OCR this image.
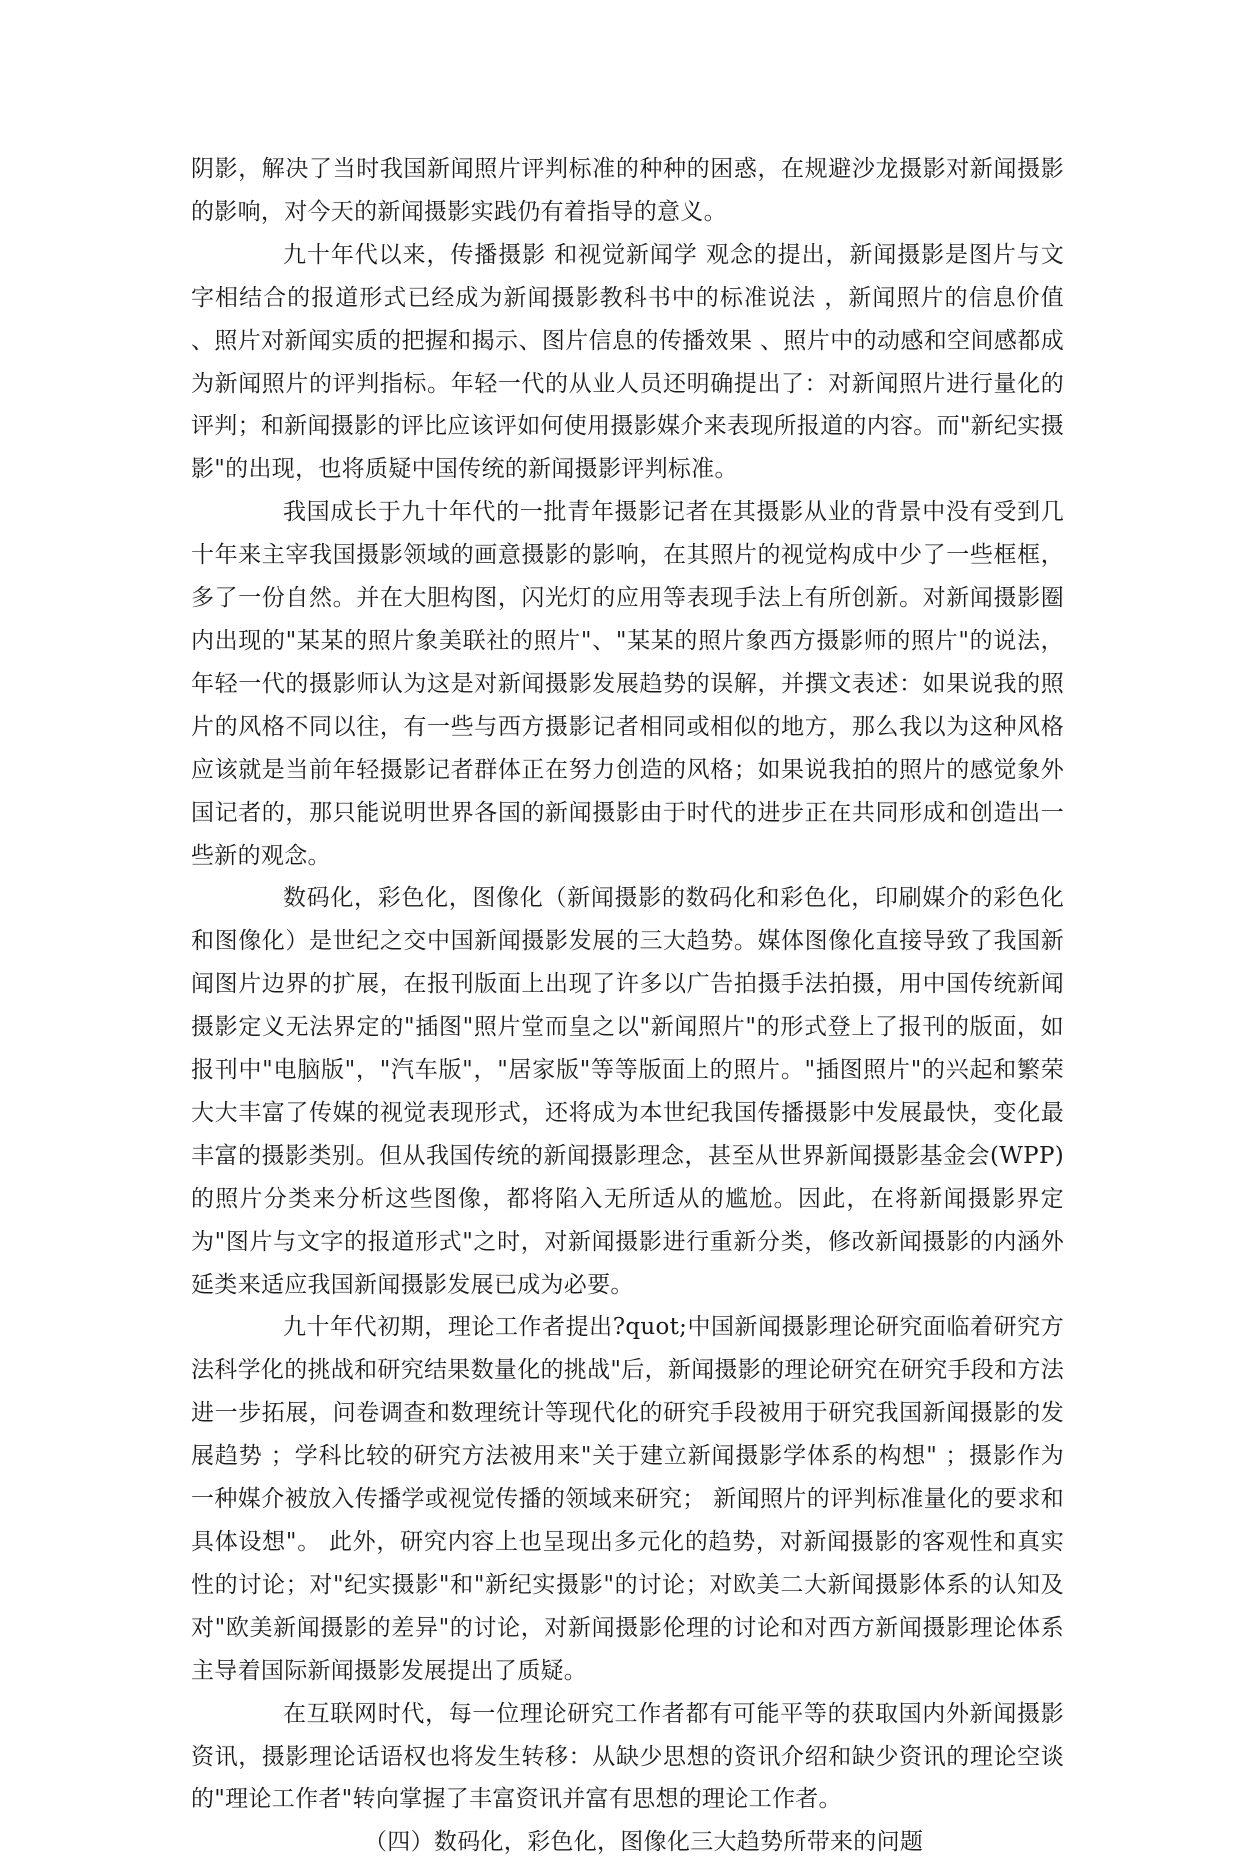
阴影，解决了当时我国新闻照片评判标准的种种的困惑，在规避沙龙摄影对新闻摄影的影响，对今天的新闻摄影实践仍有着指导的意义。

九十年代以来，传播摄影 和视觉新闻学 观念的提出，新闻摄影是图片与文字相结合的报道形式已经成为新闻摄影教科书中的标准说法 ，新闻照片的信息价值 、照片对新闻实质的把握和揭示、图片信息的传播效果 、照片中的动感和空间感都成为新闻照片的评判指标。年轻一代的从业人员还明确提出了：对新闻照片进行量化的评判；和新闻摄影的评比应该评如何使用摄影媒介来表现所报道的内容。而"新纪实摄影"的出现，也将质疑中国传统的新闻摄影评判标准。

我国成长于九十年代的一批青年摄影记者在其摄影从业的背景中没有受到几十年来主宰我国摄影领域的画意摄影的影响，在其照片的视觉构成中少了一些框框，多了一份自然。并在大胆构图，闪光灯的应用等表现手法上有所创新。对新闻摄影圈内出现的"某某的照片象美联社的照片"、"某某的照片象西方摄影师的照片"的说法，年轻一代的摄影师认为这是对新闻摄影发展趋势的误解，并撰文表述：如果说我的照片的风格不同以往，有一些与西方摄影记者相同或相似的地方，那么我以为这种风格应该就是当前年轻摄影记者群体正在努力创造的风格；如果说我拍的照片的感觉象外国记者的，那只能说明世界各国的新闻摄影由于时代的进步正在共同形成和创造出一些新的观念。

数码化，彩色化，图像化（新闻摄影的数码化和彩色化，印刷媒介的彩色化和图像化）是世纪之交中国新闻摄影发展的三大趋势。媒体图像化直接导致了我国新闻图片边界的扩展，在报刊版面上出现了许多以广告拍摄手法拍摄，用中国传统新闻摄影定义无法界定的"插图"照片堂而皇之以"新闻照片"的形式登上了报刊的版面，如报刊中"电脑版"，"汽车版"，"居家版"等等版面上的照片。"插图照片"的兴起和繁荣大大丰富了传媒的视觉表现形式，还将成为本世纪我国传播摄影中发展最快，变化最丰富的摄影类别。但从我国传统的新闻摄影理念，甚至从世界新闻摄影基金会(WPP)的照片分类来分析这些图像，都将陷入无所适从的尴尬。因此，在将新闻摄影界定为"图片与文字的报道形式"之时，对新闻摄影进行重新分类，修改新闻摄影的内涵外延类来适应我国新闻摄影发展已成为必要。

九十年代初期，理论工作者提出?quot;中国新闻摄影理论研究面临着研究方法科学化的挑战和研究结果数量化的挑战"后，新闻摄影的理论研究在研究手段和方法进一步拓展，问卷调查和数理统计等现代化的研究手段被用于研究我国新闻摄影的发展趋势 ；学科比较的研究方法被用来"关于建立新闻摄影学体系的构想" ；摄影作为一种媒介被放入传播学或视觉传播的领域来研究； 新闻照片的评判标准量化的要求和具体设想"。 此外，研究内容上也呈现出多元化的趋势，对新闻摄影的客观性和真实性的讨论；对"纪实摄影"和"新纪实摄影"的讨论；对欧美二大新闻摄影体系的认知及对"欧美新闻摄影的差异"的讨论，对新闻摄影伦理的讨论和对西方新闻摄影理论体系主导着国际新闻摄影发展提出了质疑。

在互联网时代，每一位理论研究工作者都有可能平等的获取国内外新闻摄影资讯，摄影理论话语权也将发生转移：从缺少思想的资讯介绍和缺少资讯的理论空谈的"理论工作者"转向掌握了丰富资讯并富有思想的理论工作者。

（四）数码化，彩色化，图像化三大趋势所带来的问题
